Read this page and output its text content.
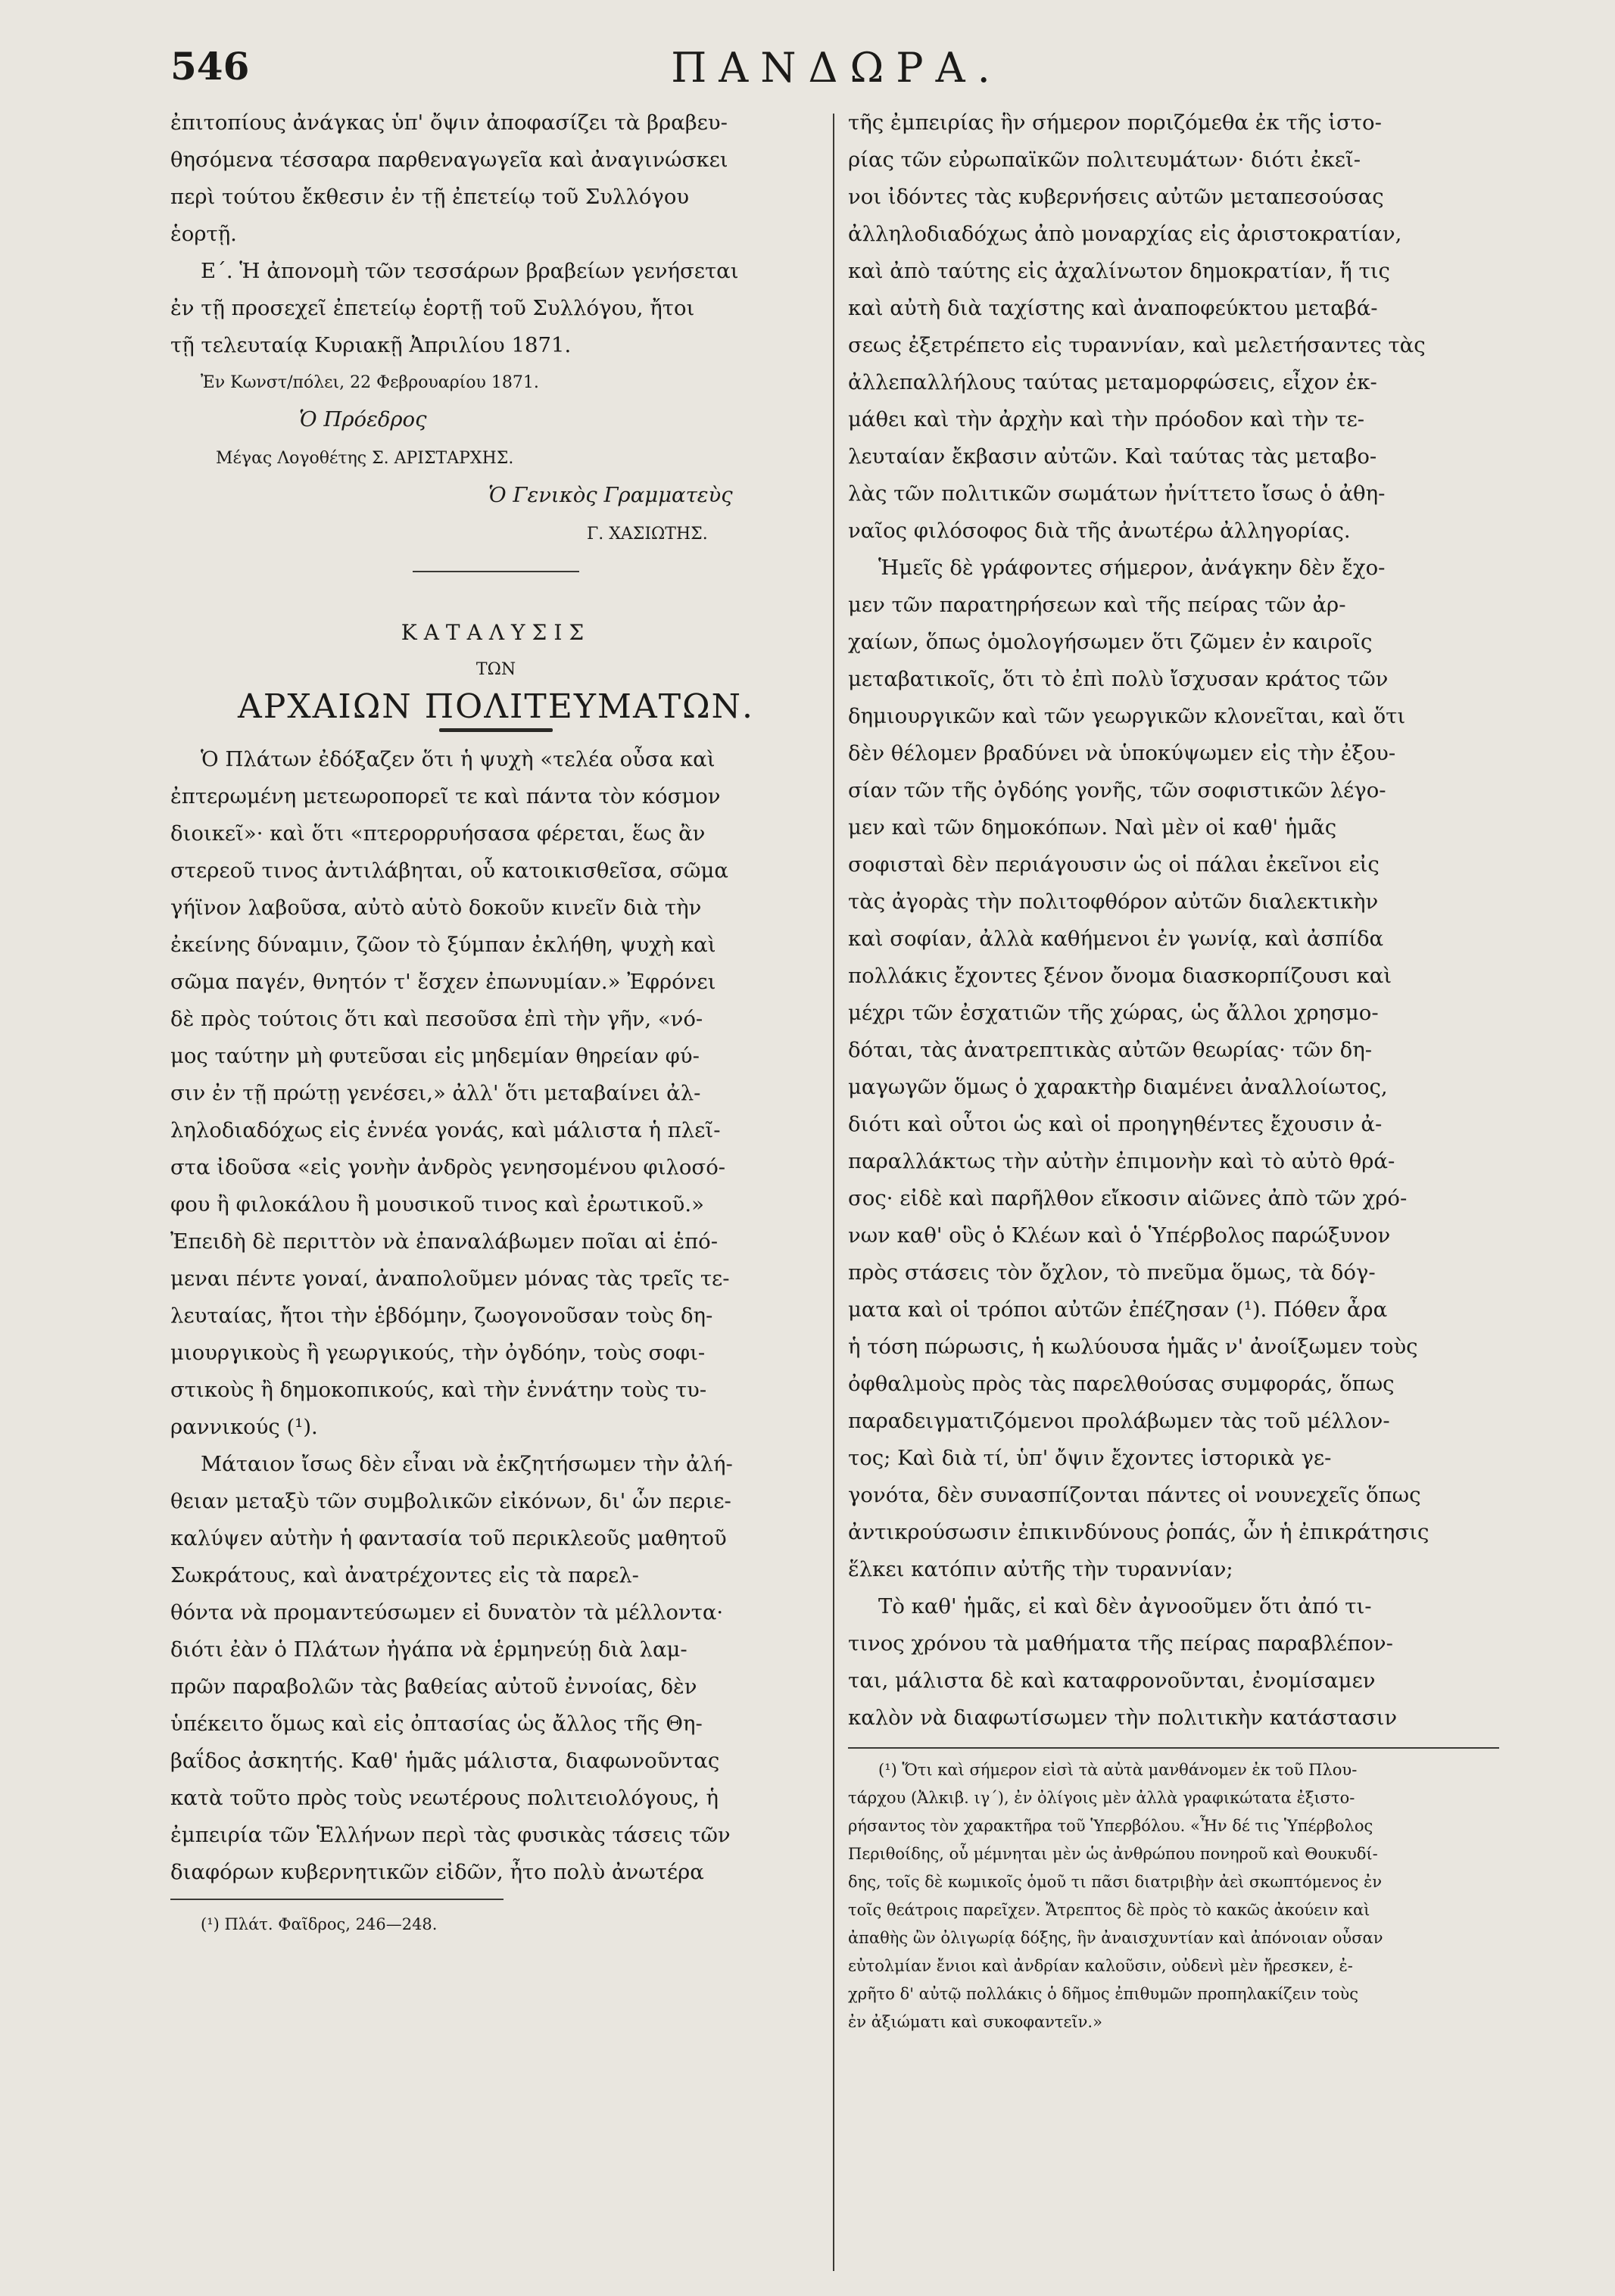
546	ΠΑΝΔΩΡΑ.

ἐπιτοπίους ἀνάγκας ὑπ' ὄψιν ἀποφασίζει τὰ βραβευ-
θησόμενα τέσσαρα παρθεναγωγεῖα καὶ ἀναγινώσκει
περὶ τούτου ἔκθεσιν ἐν τῇ ἐπετείῳ τοῦ Συλλόγου
ἑορτῇ.

Ε΄. Ἡ ἀπονομὴ τῶν τεσσάρων βραβείων γενήσεται
ἐν τῇ προσεχεῖ ἐπετείῳ ἑορτῇ τοῦ Συλλόγου, ἤτοι
τῇ τελευταίᾳ Κυριακῇ Ἀπριλίου 1871.

Ἐν Κωνστ/πόλει, 22 Φεβρουαρίου 1871.

Ὁ Πρόεδρος
Μέγας Λογοθέτης Σ. ΑΡΙΣΤΑΡΧΗΣ.

Ὁ Γενικὸς Γραμματεὺς
Γ. ΧΑΣΙΩΤΗΣ.

ΚΑΤΑΛΥΣΙΣ

ΤΩΝ

ΑΡΧΑΙΩΝ ΠΟΛΙΤΕΥΜΑΤΩΝ.

Ὁ Πλάτων ἐδόξαζεν ὅτι ἡ ψυχὴ «τελέα οὖσα καὶ
ἐπτερωμένη μετεωροπορεῖ τε καὶ πάντα τὸν κόσμον
διοικεῖ»· καὶ ὅτι «πτερορρυήσασα φέρεται, ἕως ἂν
στερεοῦ τινος ἀντιλάβηται, οὗ κατοικισθεῖσα, σῶμα
γήϊνον λαβοῦσα, αὐτὸ αὑτὸ δοκοῦν κινεῖν διὰ τὴν
ἐκείνης δύναμιν, ζῶον τὸ ξύμπαν ἐκλήθη, ψυχὴ καὶ
σῶμα παγέν, θνητόν τ' ἔσχεν ἐπωνυμίαν.» Ἐφρόνει
δὲ πρὸς τούτοις ὅτι καὶ πεσοῦσα ἐπὶ τὴν γῆν, «νό-
μος ταύτην μὴ φυτεῦσαι εἰς μηδεμίαν θηρείαν φύ-
σιν ἐν τῇ πρώτῃ γενέσει,» ἀλλ' ὅτι μεταβαίνει ἀλ-
ληλοδιαδόχως εἰς ἐννέα γονάς, καὶ μάλιστα ἡ πλεῖ-
στα ἰδοῦσα «εἰς γονὴν ἀνδρὸς γενησομένου φιλοσό-
φου ἢ φιλοκάλου ἢ μουσικοῦ τινος καὶ ἐρωτικοῦ.»
Ἐπειδὴ δὲ περιττὸν νὰ ἐπαναλάβωμεν ποῖαι αἱ ἑπό-
μεναι πέντε γοναί, ἀναπολοῦμεν μόνας τὰς τρεῖς τε-
λευταίας, ἤτοι τὴν ἑβδόμην, ζωογονοῦσαν τοὺς δη-
μιουργικοὺς ἢ γεωργικούς, τὴν ὀγδόην, τοὺς σοφι-
στικοὺς ἢ δημοκοπικούς, καὶ τὴν ἐννάτην τοὺς τυ-
ραννικούς (¹).

Μάταιον ἴσως δὲν εἶναι νὰ ἐκζητήσωμεν τὴν ἀλή-
θειαν μεταξὺ τῶν συμβολικῶν εἰκόνων, δι' ὧν περιε-
καλύψεν αὐτὴν ἡ φαντασία τοῦ περικλεοῦς μαθητοῦ
Σωκράτους, καὶ ἀνατρέχοντες εἰς τὰ παρελ-
θόντα νὰ προμαντεύσωμεν εἰ δυνατὸν τὰ μέλλοντα·
διότι ἐὰν ὁ Πλάτων ἠγάπα νὰ ἑρμηνεύῃ διὰ λαμ-
πρῶν παραβολῶν τὰς βαθείας αὐτοῦ ἐννοίας, δὲν
ὑπέκειτο ὅμως καὶ εἰς ὀπτασίας ὡς ἄλλος τῆς Θη-
βαΐδος ἀσκητής. Καθ' ἡμᾶς μάλιστα, διαφωνοῦντας
κατὰ τοῦτο πρὸς τοὺς νεωτέρους πολιτειολόγους, ἡ
ἐμπειρία τῶν Ἑλλήνων περὶ τὰς φυσικὰς τάσεις τῶν
διαφόρων κυβερνητικῶν εἰδῶν, ἦτο πολὺ ἀνωτέρα

(¹) Πλάτ. Φαῖδρος, 246—248.

τῆς ἐμπειρίας ἣν σήμερον ποριζόμεθα ἐκ τῆς ἱστο-
ρίας τῶν εὐρωπαϊκῶν πολιτευμάτων· διότι ἐκεῖ-
νοι ἰδόντες τὰς κυβερνήσεις αὐτῶν μεταπεσούσας
ἀλληλοδιαδόχως ἀπὸ μοναρχίας εἰς ἀριστοκρατίαν,
καὶ ἀπὸ ταύτης εἰς ἀχαλίνωτον δημοκρατίαν, ἥ τις
καὶ αὐτὴ διὰ ταχίστης καὶ ἀναποφεύκτου μεταβά-
σεως ἐξετρέπετο εἰς τυραννίαν, καὶ μελετήσαντες τὰς
ἀλλεπαλλήλους ταύτας μεταμορφώσεις, εἶχον ἐκ-
μάθει καὶ τὴν ἀρχὴν καὶ τὴν πρόοδον καὶ τὴν τε-
λευταίαν ἔκβασιν αὐτῶν. Καὶ ταύτας τὰς μεταβο-
λὰς τῶν πολιτικῶν σωμάτων ἠνίττετο ἴσως ὁ ἀθη-
ναῖος φιλόσοφος διὰ τῆς ἀνωτέρω ἀλληγορίας.

Ἡμεῖς δὲ γράφοντες σήμερον, ἀνάγκην δὲν ἔχο-
μεν τῶν παρατηρήσεων καὶ τῆς πείρας τῶν ἀρ-
χαίων, ὅπως ὁμολογήσωμεν ὅτι ζῶμεν ἐν καιροῖς
μεταβατικοῖς, ὅτι τὸ ἐπὶ πολὺ ἴσχυσαν κράτος τῶν
δημιουργικῶν καὶ τῶν γεωργικῶν κλονεῖται, καὶ ὅτι
δὲν θέλομεν βραδύνει νὰ ὑποκύψωμεν εἰς τὴν ἐξου-
σίαν τῶν τῆς ὀγδόης γονῆς, τῶν σοφιστικῶν λέγο-
μεν καὶ τῶν δημοκόπων. Ναὶ μὲν οἱ καθ' ἡμᾶς
σοφισταὶ δὲν περιάγουσιν ὡς οἱ πάλαι ἐκεῖνοι εἰς
τὰς ἀγορὰς τὴν πολιτοφθόρον αὐτῶν διαλεκτικὴν
καὶ σοφίαν, ἀλλὰ καθήμενοι ἐν γωνίᾳ, καὶ ἀσπίδα
πολλάκις ἔχοντες ξένον ὄνομα διασκορπίζουσι καὶ
μέχρι τῶν ἐσχατιῶν τῆς χώρας, ὡς ἄλλοι χρησμο-
δόται, τὰς ἀνατρεπτικὰς αὐτῶν θεωρίας· τῶν δη-
μαγωγῶν ὅμως ὁ χαρακτὴρ διαμένει ἀναλλοίωτος,
διότι καὶ οὗτοι ὡς καὶ οἱ προηγηθέντες ἔχουσιν ἀ-
παραλλάκτως τὴν αὐτὴν ἐπιμονὴν καὶ τὸ αὐτὸ θρά-
σος· εἰδὲ καὶ παρῆλθον εἴκοσιν αἰῶνες ἀπὸ τῶν χρό-
νων καθ' οὓς ὁ Κλέων καὶ ὁ Ὑπέρβολος παρώξυνον
πρὸς στάσεις τὸν ὄχλον, τὸ πνεῦμα ὅμως, τὰ δόγ-
ματα καὶ οἱ τρόποι αὐτῶν ἐπέζησαν (¹). Πόθεν ἆρα
ἡ τόση πώρωσις, ἡ κωλύουσα ἡμᾶς ν' ἀνοίξωμεν τοὺς
ὀφθαλμοὺς πρὸς τὰς παρελθούσας συμφοράς, ὅπως
παραδειγματιζόμενοι προλάβωμεν τὰς τοῦ μέλλον-
τος; Καὶ διὰ τί, ὑπ' ὄψιν ἔχοντες ἱστορικὰ γε-
γονότα, δὲν συνασπίζονται πάντες οἱ νουνεχεῖς ὅπως
ἀντικρούσωσιν ἐπικινδύνους ῥοπάς, ὧν ἡ ἐπικράτησις
ἕλκει κατόπιν αὐτῆς τὴν τυραννίαν;

Τὸ καθ' ἡμᾶς, εἰ καὶ δὲν ἀγνοοῦμεν ὅτι ἀπό τι-
τινος χρόνου τὰ μαθήματα τῆς πείρας παραβλέπον-
ται, μάλιστα δὲ καὶ καταφρονοῦνται, ἐνομίσαμεν
καλὸν νὰ διαφωτίσωμεν τὴν πολιτικὴν κατάστασιν

(¹) Ὅτι καὶ σήμερον εἰσὶ τὰ αὐτὰ μανθάνομεν ἐκ τοῦ Πλου-
τάρχου (Ἀλκιβ. ιγ΄), ἐν ὀλίγοις μὲν ἀλλὰ γραφικώτατα ἐξιστο-
ρήσαντος τὸν χαρακτῆρα τοῦ Ὑπερβόλου. «Ἦν δέ τις Ὑπέρβολος
Περιθοίδης, οὗ μέμνηται μὲν ὡς ἀνθρώπου πονηροῦ καὶ Θουκυδί-
δης, τοῖς δὲ κωμικοῖς ὁμοῦ τι πᾶσι διατριβὴν ἀεὶ σκωπτόμενος ἐν
τοῖς θεάτροις παρεῖχεν. Ἄτρεπτος δὲ πρὸς τὸ κακῶς ἀκούειν καὶ
ἀπαθὴς ὢν ὀλιγωρίᾳ δόξης, ἣν ἀναισχυντίαν καὶ ἀπόνοιαν οὖσαν
εὐτολμίαν ἔνιοι καὶ ἀνδρίαν καλοῦσιν, οὐδενὶ μὲν ἤρεσκεν, ἐ-
χρῆτο δ' αὐτῷ πολλάκις ὁ δῆμος ἐπιθυμῶν προπηλακίζειν τοὺς
ἐν ἀξιώματι καὶ συκοφαντεῖν.»
